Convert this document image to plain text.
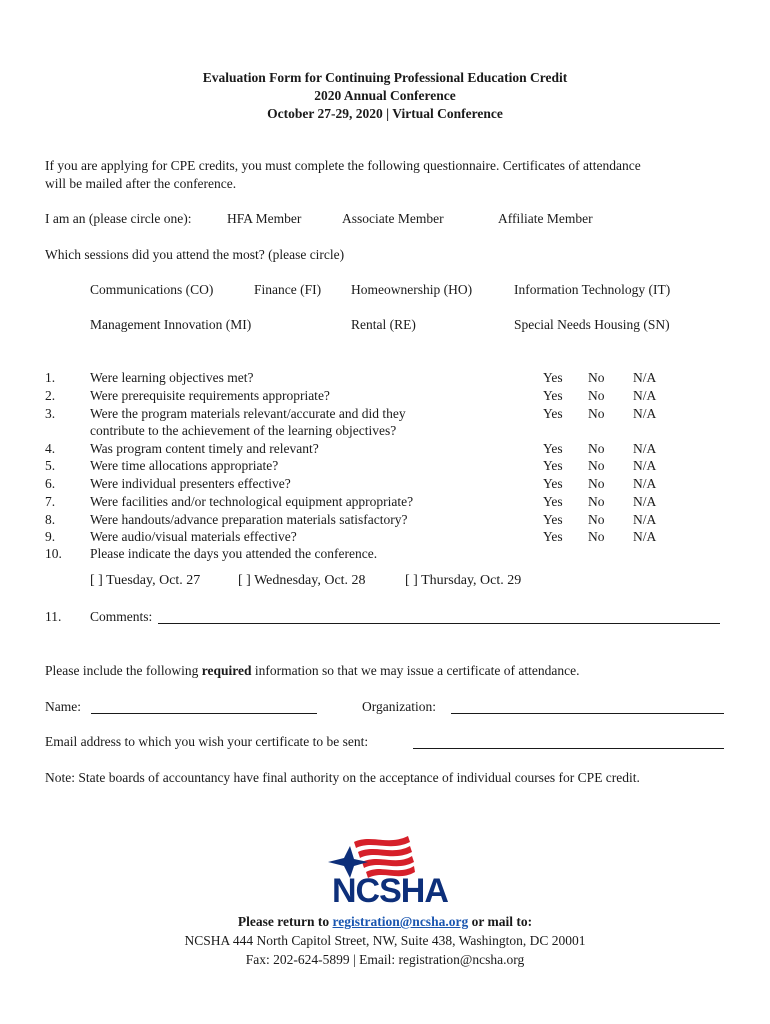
Evaluation Form for Continuing Professional Education Credit
2020 Annual Conference
October 27-29, 2020 | Virtual Conference
If you are applying for CPE credits, you must complete the following questionnaire. Certificates of attendance
will be mailed after the conference.
I am an (please circle one):	HFA Member	Associate Member	Affiliate Member
Which sessions did you attend the most? (please circle)
Communications (CO)	Finance (FI) Homeownership (HO)	Information Technology (IT)
Management Innovation (MI)	Rental (RE)	Special Needs Housing (SN)
1.	Were learning objectives met?	Yes No N/A
2.	Were prerequisite requirements appropriate?	Yes No N/A
3.	Were the program materials relevant/accurate and did they
contribute to the achievement of the learning objectives?
Yes No N/A
4.	Was program content timely and relevant?	Yes No N/A
5.	Were time allocations appropriate?	Yes No N/A
6.	Were individual presenters effective?	Yes No N/A
7.	Were facilities and/or technological equipment appropriate?	Yes No N/A
8.	Were handouts/advance preparation materials satisfactory?	Yes No N/A
9.	Were audio/visual materials effective?	Yes No N/A
10. Please indicate the days you attended the conference.
[ ] Tuesday, Oct. 27	[ ] Wednesday, Oct. 28	[ ] Thursday, Oct. 29
11. Comments:
Please include the following required information so that we may issue a certificate of attendance.
Name:	Organization:
Email address to which you wish your certificate to be sent:
Note: State boards of accountancy have final authority on the acceptance of individual courses for CPE credit.
NCSHA
Please return to registration@ncsha.org or mail to:
NCSHA 444 North Capitol Street, NW, Suite 438, Washington, DC 20001
Fax: 202-624-5899 | Email: registration@ncsha.org
